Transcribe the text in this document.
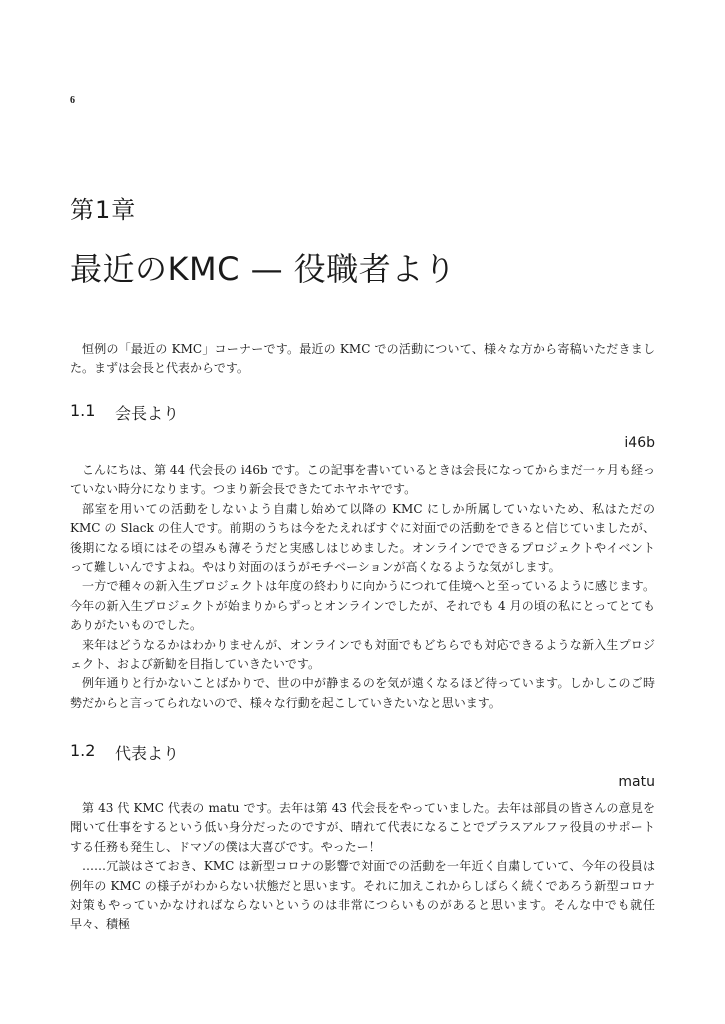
6
第1章
最近のKMC — 役職者より

恒例の「最近の KMC」コーナーです。最近の KMC での活動について、様々な方から寄稿いただきました。まずは会長と代表からです。

1.1	会長より
i46b

こんにちは、第 44 代会長の i46b です。この記事を書いているときは会長になってからまだ一ヶ月も経っていない時分になります。つまり新会長できたてホヤホヤです。

部室を用いての活動をしないよう自粛し始めて以降の KMC にしか所属していないため、私はただの KMC の Slack の住人です。前期のうちは今をたえればすぐに対面での活動をできると信じていましたが、後期になる頃にはその望みも薄そうだと実感しはじめました。オンラインでできるプロジェクトやイベントって難しいんですよね。やはり対面のほうがモチベーションが高くなるような気がします。

一方で種々の新入生プロジェクトは年度の終わりに向かうにつれて佳境へと至っているように感じます。今年の新入生プロジェクトが始まりからずっとオンラインでしたが、それでも 4 月の頃の私にとってとてもありがたいものでした。

来年はどうなるかはわかりませんが、オンラインでも対面でもどちらでも対応できるような新入生プロジェクト、および新勧を目指していきたいです。

例年通りと行かないことばかりで、世の中が静まるのを気が遠くなるほど待っています。しかしこのご時勢だからと言ってられないので、様々な行動を起こしていきたいなと思います。

1.2	代表より
matu

第 43 代 KMC 代表の matu です。去年は第 43 代会長をやっていました。去年は部員の皆さんの意見を聞いて仕事をするという低い身分だったのですが、晴れて代表になることでプラスアルファ役員のサポートする任務も発生し、ドマゾの僕は大喜びです。やったー！

……冗談はさておき、KMC は新型コロナの影響で対面での活動を一年近く自粛していて、今年の役員は例年の KMC の様子がわからない状態だと思います。それに加えこれからしばらく続くであろう新型コロナ対策もやっていかなければならないというのは非常につらいものがあると思います。そんな中でも就任早々、積極
